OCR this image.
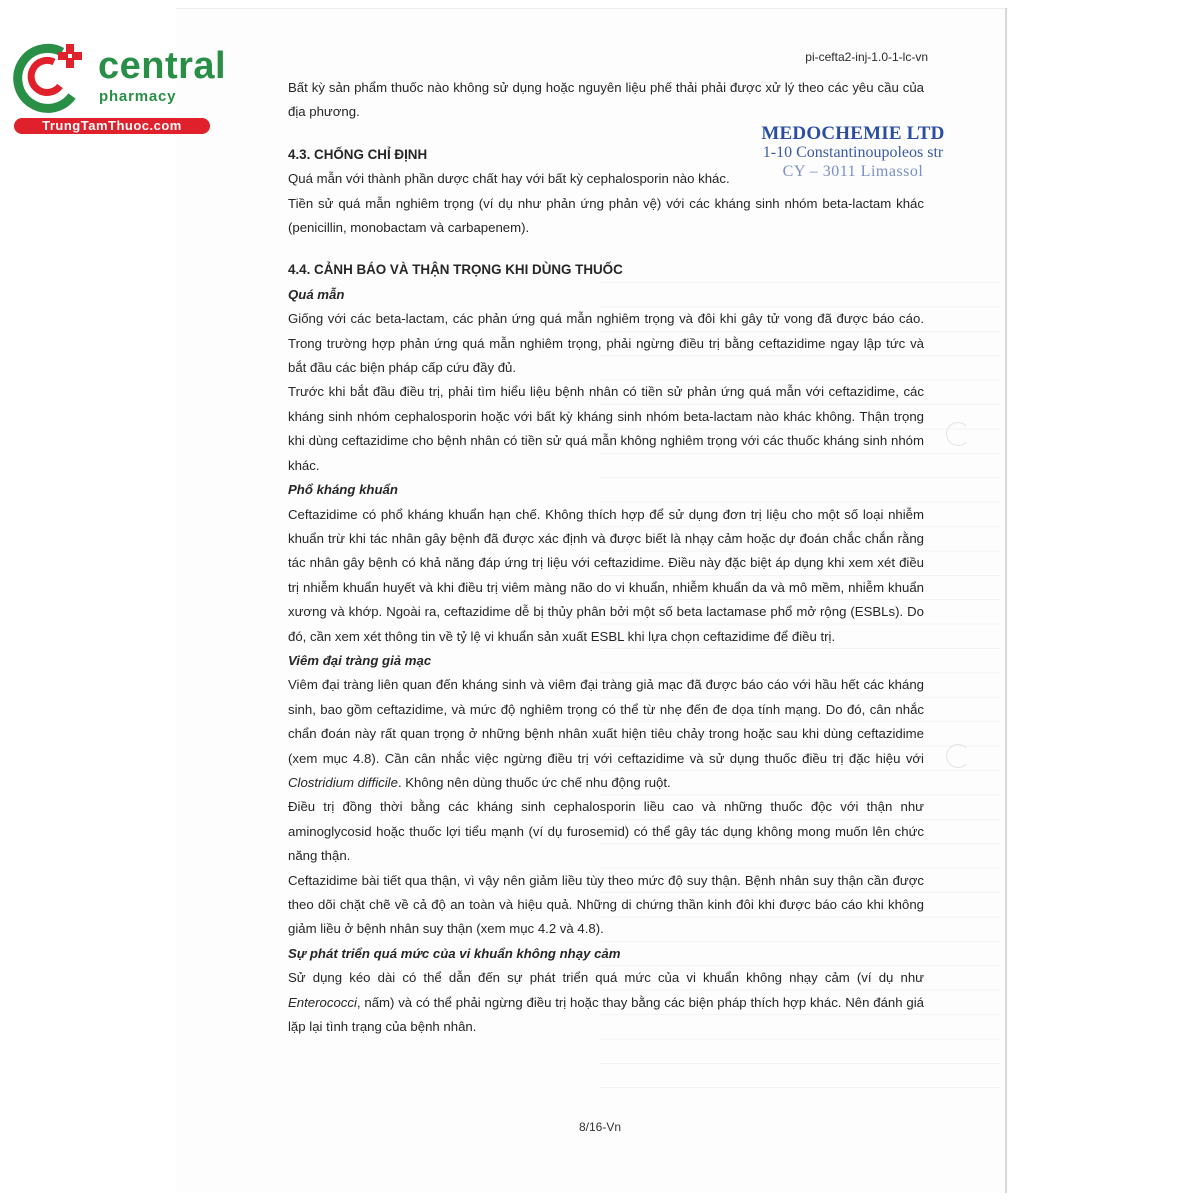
central
pharmacy
TrungTamThuoc.com
pi-cefta2-inj-1.0-1-lc-vn
MEDOCHEMIE LTD
1-10 Constantinoupoleos str
CY – 3011 Limassol

Bất kỳ sản phẩm thuốc nào không sử dụng hoặc nguyên liệu phế thải phải được xử lý theo các yêu cầu của địa phương.

4.3. CHỐNG CHỈ ĐỊNH

Quá mẫn với thành phần dược chất hay với bất kỳ cephalosporin nào khác.

Tiền sử quá mẫn nghiêm trọng (ví dụ như phản ứng phản vệ) với các kháng sinh nhóm beta-lactam khác (penicillin, monobactam và carbapenem).

4.4. CẢNH BÁO VÀ THẬN TRỌNG KHI DÙNG THUỐC

Quá mẫn

Giống với các beta-lactam, các phản ứng quá mẫn nghiêm trọng và đôi khi gây tử vong đã được báo cáo. Trong trường hợp phản ứng quá mẫn nghiêm trọng, phải ngừng điều trị bằng ceftazidime ngay lập tức và bắt đầu các biện pháp cấp cứu đầy đủ.

Trước khi bắt đầu điều trị, phải tìm hiểu liệu bệnh nhân có tiền sử phản ứng quá mẫn với ceftazidime, các kháng sinh nhóm cephalosporin hoặc với bất kỳ kháng sinh nhóm beta-lactam nào khác không. Thận trọng khi dùng ceftazidime cho bệnh nhân có tiền sử quá mẫn không nghiêm trọng với các thuốc kháng sinh nhóm khác.

Phổ kháng khuẩn

Ceftazidime có phổ kháng khuẩn hạn chế. Không thích hợp để sử dụng đơn trị liệu cho một số loại nhiễm khuẩn trừ khi tác nhân gây bệnh đã được xác định và được biết là nhạy cảm hoặc dự đoán chắc chắn rằng tác nhân gây bệnh có khả năng đáp ứng trị liệu với ceftazidime. Điều này đặc biệt áp dụng khi xem xét điều trị nhiễm khuẩn huyết và khi điều trị viêm màng não do vi khuẩn, nhiễm khuẩn da và mô mềm, nhiễm khuẩn xương và khớp. Ngoài ra, ceftazidime dễ bị thủy phân bởi một số beta lactamase phổ mở rộng (ESBLs). Do đó, cần xem xét thông tin về tỷ lệ vi khuẩn sản xuất ESBL khi lựa chọn ceftazidime để điều trị.

Viêm đại tràng giả mạc

Viêm đại tràng liên quan đến kháng sinh và viêm đại tràng giả mạc đã được báo cáo với hầu hết các kháng sinh, bao gồm ceftazidime, và mức độ nghiêm trọng có thể từ nhẹ đến đe dọa tính mạng. Do đó, cân nhắc chẩn đoán này rất quan trọng ở những bệnh nhân xuất hiện tiêu chảy trong hoặc sau khi dùng ceftazidime (xem mục 4.8). Cần cân nhắc việc ngừng điều trị với ceftazidime và sử dụng thuốc điều trị đặc hiệu với Clostridium difficile. Không nên dùng thuốc ức chế nhu động ruột.

Điều trị đồng thời bằng các kháng sinh cephalosporin liều cao và những thuốc độc với thận như aminoglycosid hoặc thuốc lợi tiểu mạnh (ví dụ furosemid) có thể gây tác dụng không mong muốn lên chức năng thận.

Ceftazidime bài tiết qua thận, vì vậy nên giảm liều tùy theo mức độ suy thận. Bệnh nhân suy thận cần được theo dõi chặt chẽ về cả độ an toàn và hiệu quả. Những di chứng thần kinh đôi khi được báo cáo khi không giảm liều ở bệnh nhân suy thận (xem mục 4.2 và 4.8).

Sự phát triển quá mức của vi khuẩn không nhạy cảm

Sử dụng kéo dài có thể dẫn đến sự phát triển quá mức của vi khuẩn không nhạy cảm (ví dụ như Enterococci, nấm) và có thể phải ngừng điều trị hoặc thay bằng các biện pháp thích hợp khác. Nên đánh giá lặp lại tình trạng của bệnh nhân.

8/16-Vn
